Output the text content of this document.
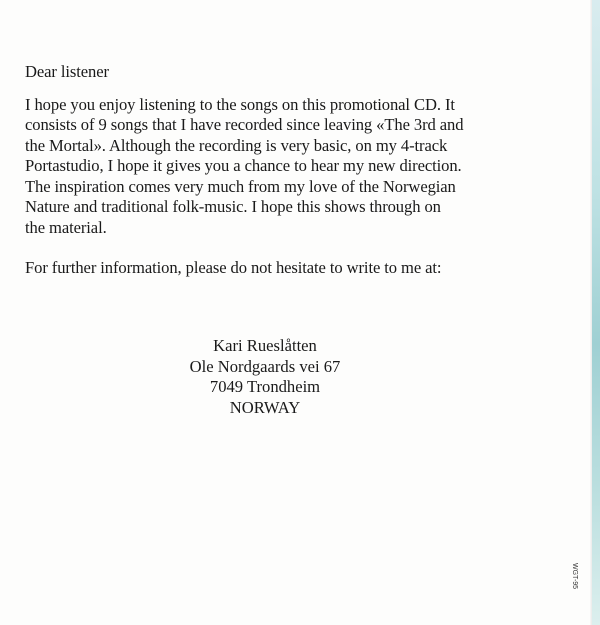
Dear listener

I hope you enjoy listening to the songs on this promotional CD. It
consists of 9 songs that I have recorded since leaving «The 3rd and
the Mortal». Although the recording is very basic, on my 4-track
Portastudio, I hope it gives you a chance to hear my new direction.
The inspiration comes very much from my love of the Norwegian
Nature and traditional folk-music. I hope this shows through on
the material.

For further information, please do not hesitate to write to me at:

Kari Rueslåtten
Ole Nordgaards vei 67
7049 Trondheim
NORWAY
WGT-95
